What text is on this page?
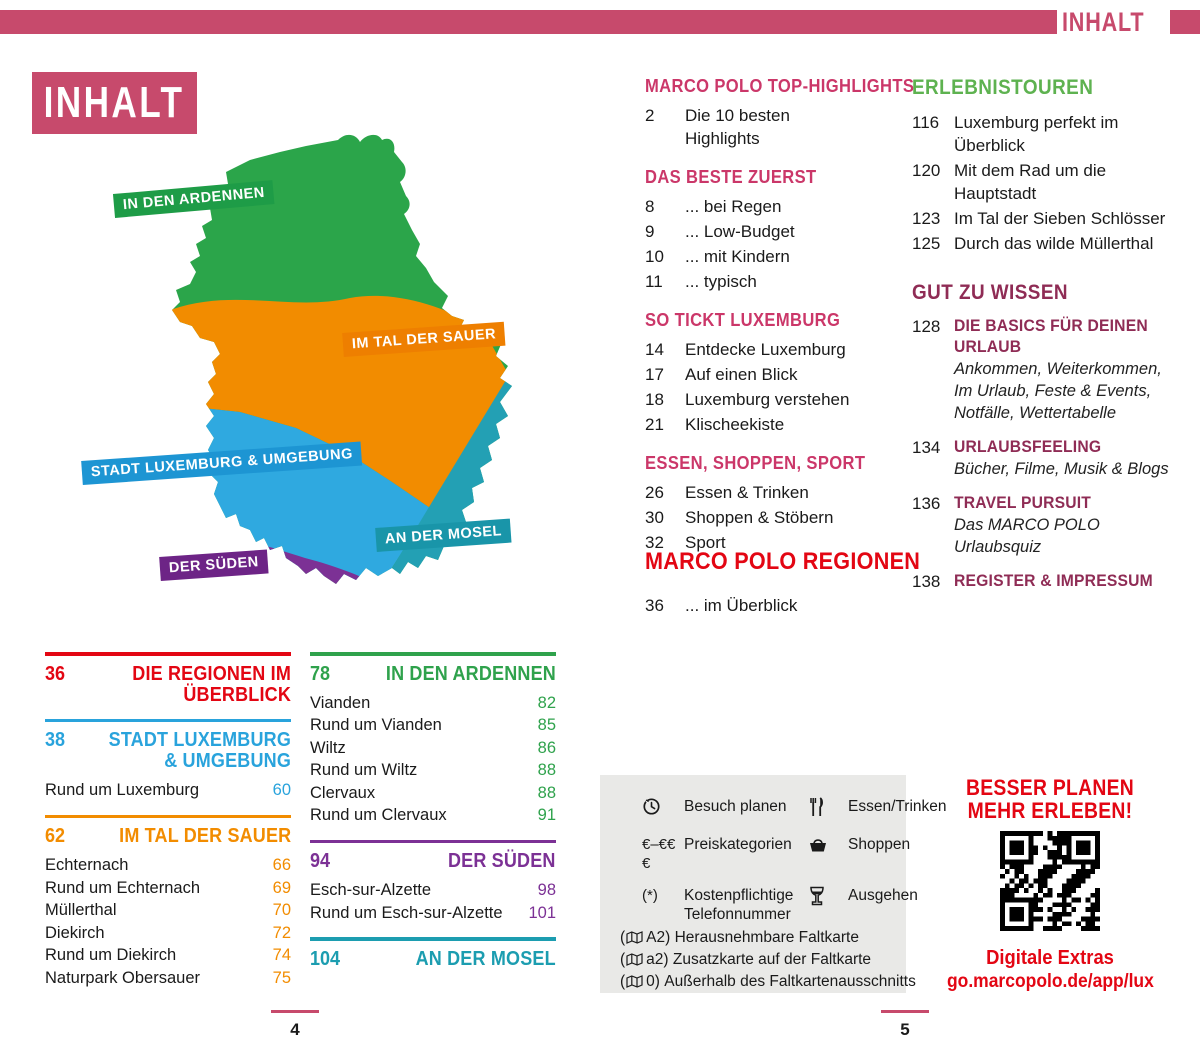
INHALT
INHALT
IN DEN ARDENNEN
IM TAL DER SAUER
STADT LUXEMBURG & UMGEBUNG
DER SÜDEN
AN DER MOSEL
36	DIE REGIONEN IM ÜBERBLICK
38 STADT LUXEMBURG & UMGEBUNG
Rund um Luxemburg	60
62	IM TAL DER SAUER
Echternach	66
Rund um Echternach	69
Müllerthal	70
Diekirch	72
Rund um Diekirch	74
Naturpark Obersauer	75
78	IN DEN ARDENNEN
Vianden	82
Rund um Vianden	85
Wiltz	86
Rund um Wiltz	88
Clervaux	88
Rund um Clervaux	91
94	DER SÜDEN
Esch-sur-Alzette	98
Rund um Esch-sur-Alzette 101
104	AN DER MOSEL
MARCO POLO TOP-HIGHLIGHTS
2	Die 10 besten
Highlights
DAS BESTE ZUERST
8	... bei Regen
9	... Low-Budget
10	... mit Kindern
11	... typisch
SO TICKT LUXEMBURG
14	Entdecke Luxemburg
17	Auf einen Blick
18	Luxemburg verstehen
21	Klischeekiste
ESSEN, SHOPPEN, SPORT
26	Essen & Trinken
30	Shoppen & Stöbern
32	Sport
MARCO POLO REGIONEN
36	... im Überblick
ERLEBNISTOUREN
116 Luxemburg perfekt im
Überblick
120 Mit dem Rad um die
Hauptstadt
123 Im Tal der Sieben Schlösser
125 Durch das wilde Müllerthal
GUT ZU WISSEN
128 DIE BASICS FÜR DEINEN URLAUB
Ankommen, Weiterkommen,
Im Urlaub, Feste & Events,
Notfälle, Wettertabelle
134 URLAUBSFEELING
Bücher, Filme, Musik & Blogs
136 TRAVEL PURSUIT
Das MARCO POLO Urlaubsquiz
138 REGISTER & IMPRESSUM
Besuch planen	Essen/Trinken
€–€€€
Preiskategorien	Shoppen
(*)	Kostenpflichtige Telefonnummer
Ausgehen
( A2) Herausnehmbare Faltkarte
( a2) Zusatzkarte auf der Faltkarte
( 0) Außerhalb des Faltkartenausschnitts
BESSER PLANEN
MEHR ERLEBEN!
Digitale Extras
go.marcopolo.de/app/lux
4	5
